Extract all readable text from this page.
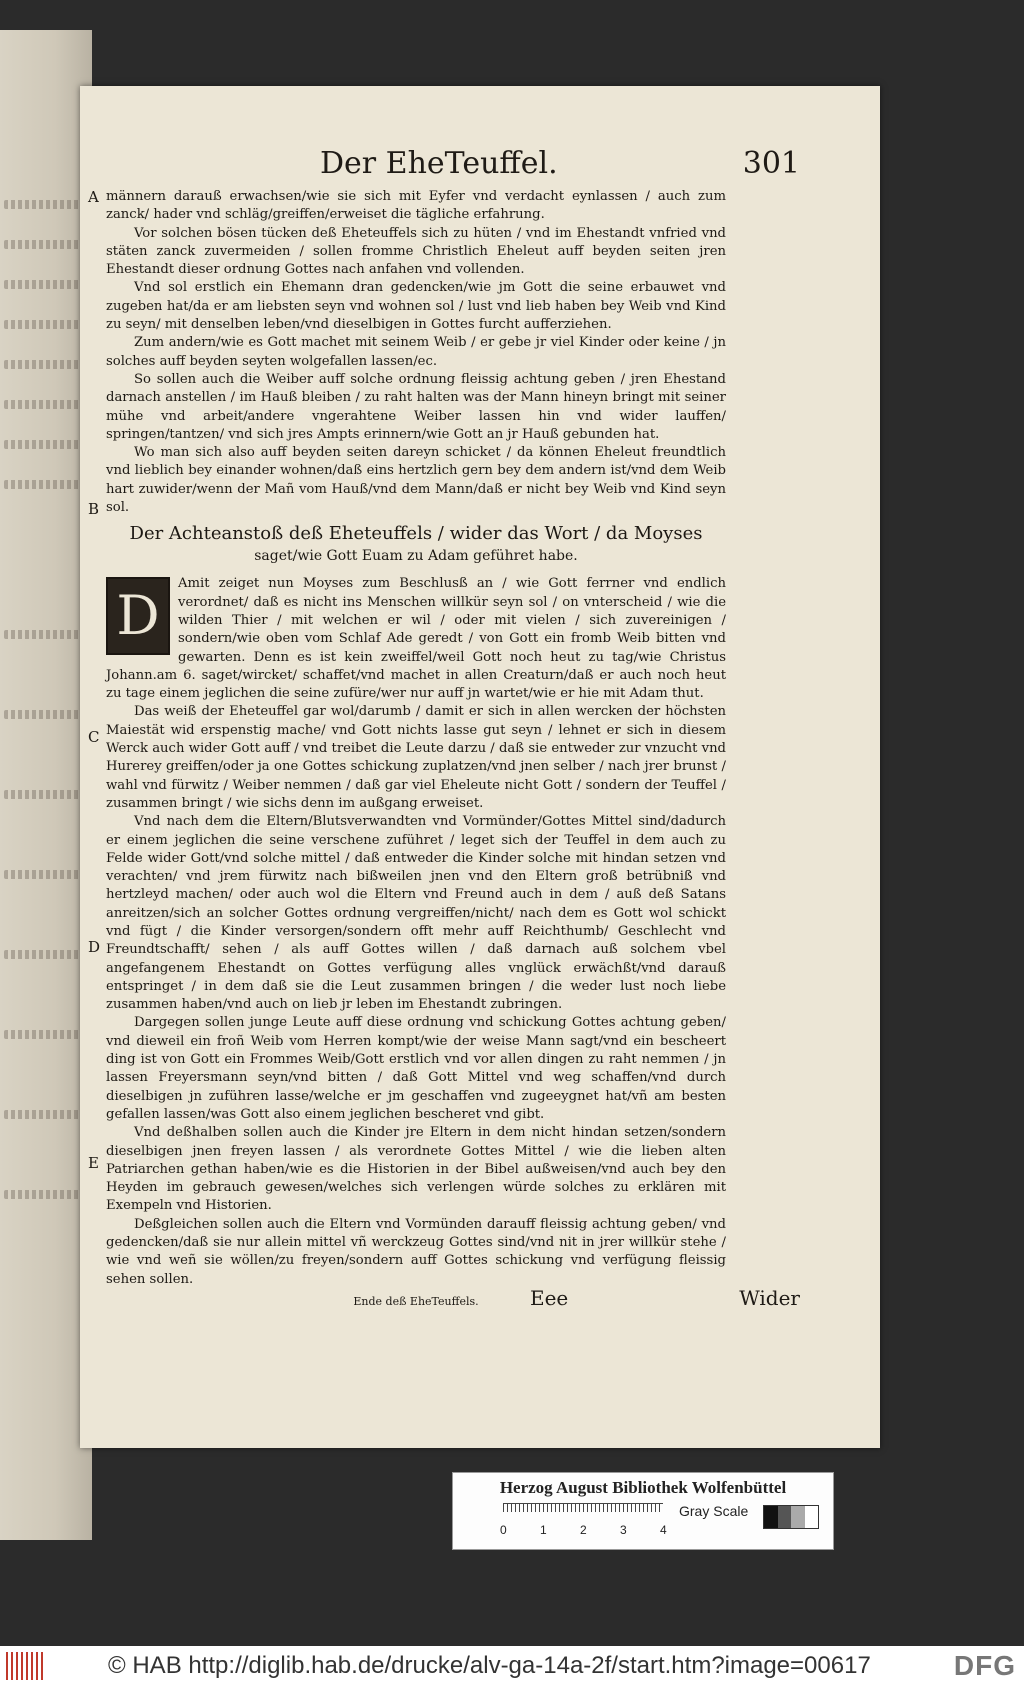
Der EheTeuffel.	301
A
B
C
D
E

männern darauß erwachsen/wie sie sich mit Eyfer vnd verdacht eynlassen / auch zum zanck/ hader vnd schläg/greiffen/erweiset die tägliche erfahrung.

Vor solchen bösen tücken deß Eheteuffels sich zu hüten / vnd im Ehestandt vnfried vnd stäten zanck zuvermeiden / sollen fromme Christlich Eheleut auff beyden seiten jren Ehestandt dieser ordnung Gottes nach anfahen vnd vollenden.

Vnd sol erstlich ein Ehemann dran gedencken/wie jm Gott die seine erbauwet vnd zugeben hat/da er am liebsten seyn vnd wohnen sol / lust vnd lieb haben bey Weib vnd Kind zu seyn/ mit denselben leben/vnd dieselbigen in Gottes furcht aufferziehen.

Zum andern/wie es Gott machet mit seinem Weib / er gebe jr viel Kinder oder keine / jn solches auff beyden seyten wolgefallen lassen/ec.

So sollen auch die Weiber auff solche ordnung fleissig achtung geben / jren Ehestand darnach anstellen / im Hauß bleiben / zu raht halten was der Mann hineyn bringt mit seiner mühe vnd arbeit/andere vngerahtene Weiber lassen hin vnd wider lauffen/ springen/tantzen/ vnd sich jres Ampts erinnern/wie Gott an jr Hauß gebunden hat.

Wo man sich also auff beyden seiten dareyn schicket / da können Eheleut freundtlich vnd lieblich bey einander wohnen/daß eins hertzlich gern bey dem andern ist/vnd dem Weib hart zuwider/wenn der Mañ vom Hauß/vnd dem Mann/daß er nicht bey Weib vnd Kind seyn sol.

Der Achteanstoß deß Eheteuffels / wider das Wort / da Moyses
saget/wie Gott Euam zu Adam geführet habe.
D

Amit zeiget nun Moyses zum Beschlusß an / wie Gott ferrner vnd endlich verordnet/ daß es nicht ins Menschen willkür seyn sol / on vnterscheid / wie die wilden Thier / mit welchen er wil / oder mit vielen / sich zuvereinigen / sondern/wie oben vom Schlaf Ade geredt / von Gott ein fromb Weib bitten vnd gewarten. Denn es ist kein zweiffel/weil Gott noch heut zu tag/wie Christus Johann.am 6. saget/wircket/ schaffet/vnd machet in allen Creaturn/daß er auch noch heut zu tage einem jeglichen die seine zufüre/wer nur auff jn wartet/wie er hie mit Adam thut.

Das weiß der Eheteuffel gar wol/darumb / damit er sich in allen wercken der höchsten Maiestät wid erspenstig mache/ vnd Gott nichts lasse gut seyn / lehnet er sich in diesem Werck auch wider Gott auff / vnd treibet die Leute darzu / daß sie entweder zur vnzucht vnd Hurerey greiffen/oder ja one Gottes schickung zuplatzen/vnd jnen selber / nach jrer brunst / wahl vnd fürwitz / Weiber nemmen / daß gar viel Eheleute nicht Gott / sondern der Teuffel / zusammen bringt / wie sichs denn im außgang erweiset.

Vnd nach dem die Eltern/Blutsverwandten vnd Vormünder/Gottes Mittel sind/dadurch er einem jeglichen die seine verschene zuführet / leget sich der Teuffel in dem auch zu Felde wider Gott/vnd solche mittel / daß entweder die Kinder solche mit hindan setzen vnd verachten/ vnd jrem fürwitz nach bißweilen jnen vnd den Eltern groß betrübniß vnd hertzleyd machen/ oder auch wol die Eltern vnd Freund auch in dem / auß deß Satans anreitzen/sich an solcher Gottes ordnung vergreiffen/nicht/ nach dem es Gott wol schickt vnd fügt / die Kinder versorgen/sondern offt mehr auff Reichthumb/ Geschlecht vnd Freundtschafft/ sehen / als auff Gottes willen / daß darnach auß solchem vbel angefangenem Ehestandt on Gottes verfügung alles vnglück erwächßt/vnd darauß entspringet / in dem daß sie die Leut zusammen bringen / die weder lust noch liebe zusammen haben/vnd auch on lieb jr leben im Ehestandt zubringen.

Dargegen sollen junge Leute auff diese ordnung vnd schickung Gottes achtung geben/ vnd dieweil ein froñ Weib vom Herren kompt/wie der weise Mann sagt/vnd ein bescheert ding ist von Gott ein Frommes Weib/Gott erstlich vnd vor allen dingen zu raht nemmen / jn lassen Freyersmann seyn/vnd bitten / daß Gott Mittel vnd weg schaffen/vnd durch dieselbigen jn zuführen lasse/welche er jm geschaffen vnd zugeeygnet hat/vñ am besten gefallen lassen/was Gott also einem jeglichen bescheret vnd gibt.

Vnd deßhalben sollen auch die Kinder jre Eltern in dem nicht hindan setzen/sondern dieselbigen jnen freyen lassen / als verordnete Gottes Mittel / wie die lieben alten Patriarchen gethan haben/wie es die Historien in der Bibel außweisen/vnd auch bey den Heyden im gebrauch gewesen/welches sich verlengen würde solches zu erklären mit Exempeln vnd Historien.

Deßgleichen sollen auch die Eltern vnd Vormünden darauff fleissig achtung geben/ vnd gedencken/daß sie nur allein mittel vñ werckzeug Gottes sind/vnd nit in jrer willkür stehe / wie vnd weñ sie wöllen/zu freyen/sondern auff Gottes schickung vnd verfügung fleissig sehen sollen.

Ende deß EheTeuffels.	Eee	Wider
Herzog August Bibliothek Wolfenbüttel
0	1	2	3	4
Gray Scale
© HAB http://diglib.hab.de/drucke/alv-ga-14a-2f/start.htm?image=00617	DFG
